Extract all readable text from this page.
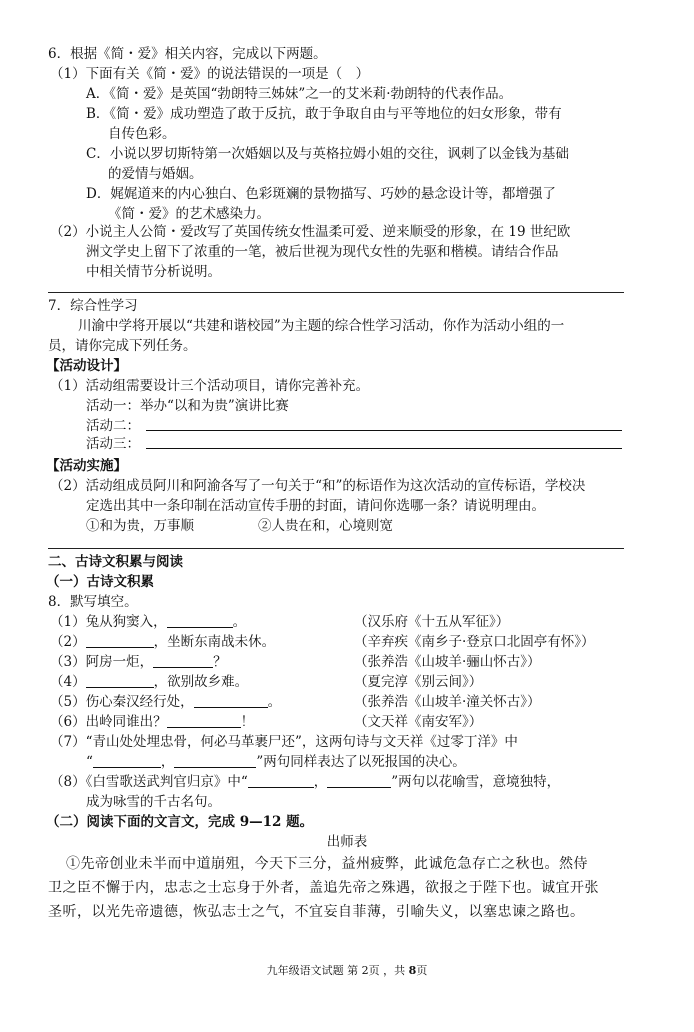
6．根据《简・爱》相关内容，完成以下两题。
（1）下面有关《简・爱》的说法错误的一项是（　）
A．《简・爱》是英国“勃朗特三姊妹”之一的艾米莉·勃朗特的代表作品。
B．《简・爱》成功塑造了敢于反抗，敢于争取自由与平等地位的妇女形象，带有
自传色彩。
C．小说以罗切斯特第一次婚姻以及与英格拉姆小姐的交往，讽刺了以金钱为基础
的爱情与婚姻。
D．娓娓道来的内心独白、色彩斑斓的景物描写、巧妙的悬念设计等，都增强了
《简・爱》的艺术感染力。
（2）小说主人公简・爱改写了英国传统女性温柔可爱、逆来顺受的形象，在 19 世纪欧
洲文学史上留下了浓重的一笔，被后世视为现代女性的先驱和楷模。请结合作品
中相关情节分析说明。
7．综合性学习
川渝中学将开展以“共建和谐校园”为主题的综合性学习活动，你作为活动小组的一
员，请你完成下列任务。
【活动设计】
（1）活动组需要设计三个活动项目，请你完善补充。
活动一：举办“以和为贵”演讲比赛
活动二：
活动三：
【活动实施】
（2）活动组成员阿川和阿渝各写了一句关于“和”的标语作为这次活动的宣传标语，学校决
定选出其中一条印制在活动宣传手册的封面，请问你选哪一条？请说明理由。
①和为贵，万事顺	②人贵在和，心境则宽
二、古诗文积累与阅读
（一）古诗文积累
8．默写填空。
（1）兔从狗窦入，	。	（汉乐府《十五从军征》）
（2）	，坐断东南战未休。	（辛弃疾《南乡子·登京口北固亭有怀》）
（3）阿房一炬，	？	（张养浩《山坡羊·骊山怀古》）
（4）	，欲别故乡难。	（夏完淳《别云间》）
（5）伤心秦汉经行处，	。	（张养浩《山坡羊·潼关怀古》）
（6）出岭同谁出？	！	（文天祥《南安军》）
（7）“青山处处埋忠骨，何必马革裹尸还”，这两句诗与文天祥《过零丁洋》中
“	，	”两句同样表达了以死报国的决心。
（8）《白雪歌送武判官归京》中“	，	”两句以花喻雪，意境独特，
成为咏雪的千古名句。
（二）阅读下面的文言文，完成 9—12 题。
出师表
①先帝创业未半而中道崩殂，今天下三分，益州疲弊，此诚危急存亡之秋也。然侍
卫之臣不懈于内，忠志之士忘身于外者，盖追先帝之殊遇，欲报之于陛下也。诚宜开张
圣听，以光先帝遗德，恢弘志士之气，不宜妄自菲薄，引喻失义，以塞忠谏之路也。
九年级语文试题 第 2页 ，共 8页
